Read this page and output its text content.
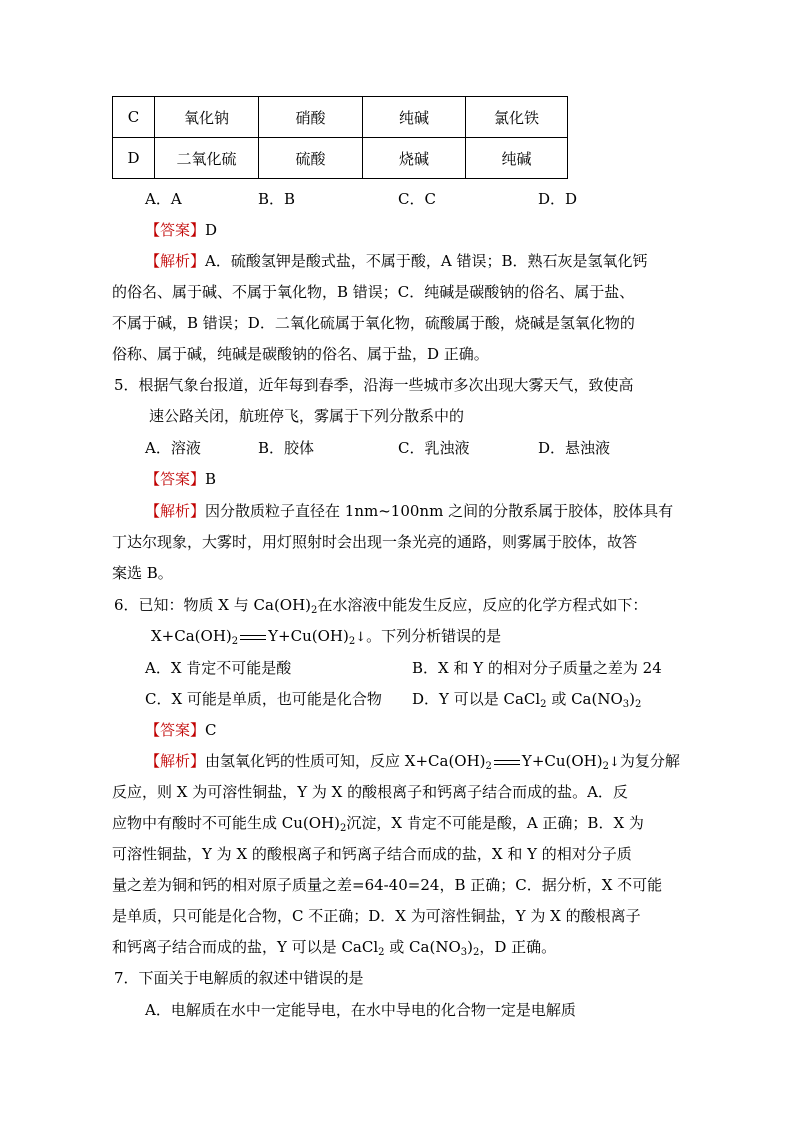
C	氧化钠	硝酸	纯碱	氯化铁
D	二氧化硫	硫酸	烧碱	纯碱
A．A	B．B	C．C	D．D
【答案】D
【解析】A．硫酸氢钾是酸式盐，不属于酸，A 错误；B．熟石灰是氢氧化钙
的俗名、属于碱、不属于氧化物，B 错误；C．纯碱是碳酸钠的俗名、属于盐、
不属于碱，B 错误；D．二氧化硫属于氧化物，硫酸属于酸，烧碱是氢氧化物的
俗称、属于碱，纯碱是碳酸钠的俗名、属于盐，D 正确。
5．根据气象台报道，近年每到春季，沿海一些城市多次出现大雾天气，致使高
速公路关闭，航班停飞，雾属于下列分散系中的
A．溶液	B．胶体	C．乳浊液	D．悬浊液
【答案】B
【解析】因分散质粒子直径在 1nm~100nm 之间的分散系属于胶体，胶体具有
丁达尔现象，大雾时，用灯照射时会出现一条光亮的通路，则雾属于胶体，故答
案选 B。
6．已知：物质 X 与 $Ca(OH)_2$在水溶液中能发生反应，反应的化学方程式如下：
$X+Ca(OH)_2$ $Y+Cu(OH)_2↓$。下列分析错误的是
A．X 肯定不可能是酸	B．X 和 Y 的相对分子质量之差为 24
C．X 可能是单质，也可能是化合物 D．Y 可以是 CaCl$_2$ 或 $Ca(NO_3)_2$
【答案】C
【解析】由氢氧化钙的性质可知，反应 $X+Ca(OH)_2$ $Y+Cu(OH)_2↓$为复分解
反应，则 X 为可溶性铜盐，Y 为 X 的酸根离子和钙离子结合而成的盐。A．反
应物中有酸时不可能生成 $Cu(OH)_2$沉淀，X 肯定不可能是酸，A 正确；B．X 为
可溶性铜盐，Y 为 X 的酸根离子和钙离子结合而成的盐，X 和 Y 的相对分子质
量之差为铜和钙的相对原子质量之差=64-40=24，B 正确；C．据分析，X 不可能
是单质，只可能是化合物，C 不正确；D．X 为可溶性铜盐，Y 为 X 的酸根离子
和钙离子结合而成的盐，Y 可以是 CaCl$_2$ 或 $Ca(NO_3)_2$，D 正确。
7．下面关于电解质的叙述中错误的是
A．电解质在水中一定能导电，在水中导电的化合物一定是电解质
